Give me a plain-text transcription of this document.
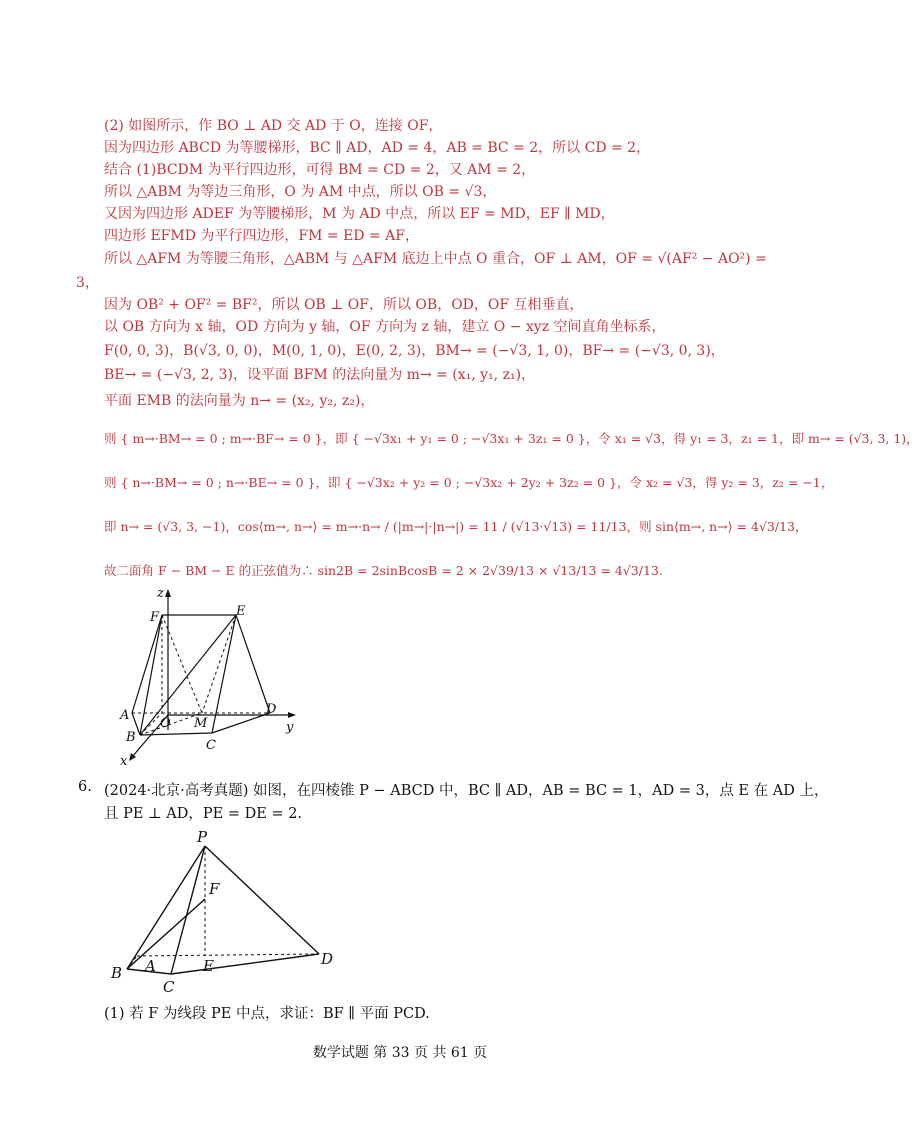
(2) 如图所示，作 BO ⊥ AD 交 AD 于 O，连接 OF，
因为四边形 ABCD 为等腰梯形，BC ∥ AD，AD = 4，AB = BC = 2，所以 CD = 2，
结合 (1)BCDM 为平行四边形，可得 BM = CD = 2，又 AM = 2，
所以 △ABM 为等边三角形，O 为 AM 中点，所以 OB = √3，
又因为四边形 ADEF 为等腰梯形，M 为 AD 中点，所以 EF = MD，EF ∥ MD，
四边形 EFMD 为平行四边形，FM = ED = AF，
所以 △AFM 为等腰三角形，△ABM 与 △AFM 底边上中点 O 重合，OF ⊥ AM，OF = √(AF² − AO²) =
3，
因为 OB² + OF² = BF²，所以 OB ⊥ OF，所以 OB，OD，OF 互相垂直，
以 OB 方向为 x 轴，OD 方向为 y 轴，OF 方向为 z 轴，建立 O − xyz 空间直角坐标系，
F(0, 0, 3)，B(√3, 0, 0)，M(0, 1, 0)，E(0, 2, 3)，BM→ = (−√3, 1, 0)，BF→ = (−√3, 0, 3)，
BE→ = (−√3, 2, 3)，设平面 BFM 的法向量为 m→ = (x₁, y₁, z₁)，
平面 EMB 的法向量为 n→ = (x₂, y₂, z₂)，
则 { m→·BM→ = 0 ; m→·BF→ = 0 }，即 { −√3x₁ + y₁ = 0 ; −√3x₁ + 3z₁ = 0 }，令 x₁ = √3，得 y₁ = 3，z₁ = 1，即 m→ = (√3, 3, 1)，
则 { n→·BM→ = 0 ; n→·BE→ = 0 }，即 { −√3x₂ + y₂ = 0 ; −√3x₂ + 2y₂ + 3z₂ = 0 }，令 x₂ = √3，得 y₂ = 3，z₂ = −1，
即 n→ = (√3, 3, −1)，cos⟨m→, n→⟩ = m→·n→ / (|m→|·|n→|) = 11 / (√13·√13) = 11/13，则 sin⟨m→, n→⟩ = 4√3/13，
故二面角 F − BM − E 的正弦值为∴ sin2B = 2sinBcosB = 2 × 2√39/13 × √13/13 = 4√3/13.
z
F	E
A
O M
D
y
B
C
x
6. (2024·北京·高考真题) 如图，在四棱锥 P − ABCD 中，BC ∥ AD，AB = BC = 1，AD = 3，点 E 在 AD 上，
且 PE ⊥ AD，PE = DE = 2.
P
F
A	E	D
B
C
(1) 若 F 为线段 PE 中点，求证：BF ∥ 平面 PCD.
数学试题 第 33 页 共 61 页
